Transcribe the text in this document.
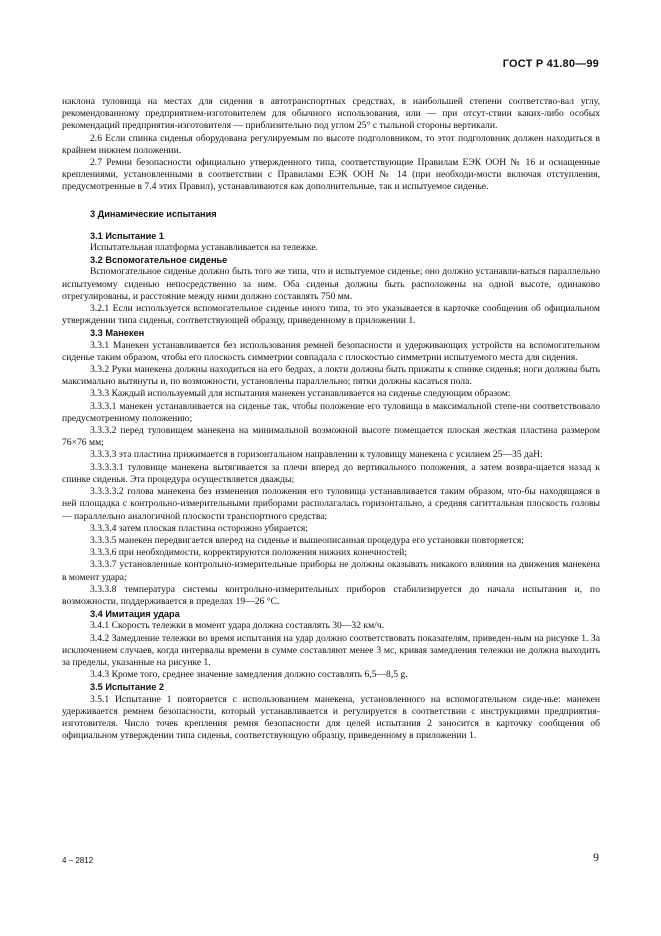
ГОСТ Р 41.80—99

наклона туловища на местах для сидения в автотранспортных средствах, в наибольшей степени соответство-вал углу, рекомендованному предприятием-изготовителем для обычного использования, или — при отсут-ствии каких-либо особых рекомендаций предприятия-изготовителя — приблизительно под углом 25° с тыльной стороны вертикали.

2.6 Если спинка сиденья оборудована регулируемым по высоте подголовником, то этот подголовник должен находиться в крайнем нижнем положении.

2.7 Ремни безопасности официально утвержденного типа, соответствующие Правилам ЕЭК ООН № 16 и оснащенные креплениями, установленными в соответствии с Правилами ЕЭК ООН № 14 (при необходи-мости включая отступления, предусмотренные в 7.4 этих Правил), устанавливаются как дополнительные, так и испытуемое сиденье.

3 Динамические испытания

3.1 Испытание 1

Испытательная платформа устанавливается на тележке.

3.2 Вспомогательное сиденье

Вспомогательное сиденье должно быть того же типа, что и испытуемое сиденье; оно должно устанавли-ваться параллельно испытуемому сиденью непосредственно за ним. Оба сиденья должны быть расположены на одной высоте, одинаково отрегулированы, и расстояние между ними должно составлять 750 мм.

3.2.1 Если используется вспомогательное сиденье иного типа, то это указывается в карточке сообщения об официальном утверждении типа сиденья, соответствующей образцу, приведенному в приложении 1.

3.3 Манекен

3.3.1 Манекен устанавливается без использования ремней безопасности и удерживающих устройств на вспомогательном сиденье таким образом, чтобы его плоскость симметрии совпадала с плоскостью симметрии испытуемого места для сидения.

3.3.2 Руки манекена должны находиться на его бедрах, а локти должны быть прижаты к спинке сиденья; ноги должны быть максимально вытянуты и, по возможности, установлены параллельно; пятки должны касаться пола.

3.3.3 Каждый используемый для испытания манекен устанавливается на сиденье следующим образом:

3.3.3.1 манекен устанавливается на сиденье так, чтобы положение его туловища в максимальной степе-ни соответствовало предусмотренному положению;

3.3.3.2 перед туловищем манекена на минимальной возможной высоте помещается плоская жесткая пластина размером 76×76 мм;

3.3.3.3 эта пластина прижимается в горизонтальном направлении к туловищу манекена с усилием 25—35 даН:

3.3.3.3.1 туловище манекена вытягивается за плечи вперед до вертикального положения, а затем возвра-щается назад к спинке сиденья. Эта процедура осуществляется дважды;

3.3.3.3.2 голова манекена без изменения положения его туловища устанавливается таким образом, что-бы находящаяся в ней площадка с контрольно-измерительными приборами располагалась горизонтально, а средняя сагиттальная плоскость головы — параллельно аналогичной плоскости транспортного средства;

3.3.3.4 затем плоская пластина осторожно убирается;

3.3.3.5 манекен передвигается вперед на сиденье и вышеописанная процедура его установки повторяется;

3.3.3.6 при необходимости, корректируются положения нижних конечностей;

3.3.3.7 установленные контрольно-измерительные приборы не должны оказывать никакого влияния на движения манекена в момент удара;

3.3.3.8 температура системы контрольно-измерительных приборов стабилизируется до начала испытания и, по возможности, поддерживается в пределах 19—26 °С.

3.4 Имитация удара

3.4.1 Скорость тележки в момент удара должна составлять 30—32 км/ч.

3.4.2 Замедление тележки во время испытания на удар должно соответствовать показателям, приведен-ным на рисунке 1. За исключением случаев, когда интервалы времени в сумме составляют менее 3 мс, кривая замедления тележки не должна выходить за пределы, указанные на рисунке 1.

3.4.3 Кроме того, среднее значение замедления должно составлять 6,5—8,5 g.

3.5 Испытание 2

3.5.1 Испытание 1 повторяется с использованием манекена, установленного на вспомогательном сиде-нье: манекен удерживается ремнем безопасности, который устанавливается и регулируется в соответствии с инструкциями предприятия-изготовителя. Число точек крепления ремня безопасности для целей испытания 2 заносится в карточку сообщения об официальном утверждении типа сиденья, соответствующую образцу, приведенному в приложении 1.

4 – 2812	9
